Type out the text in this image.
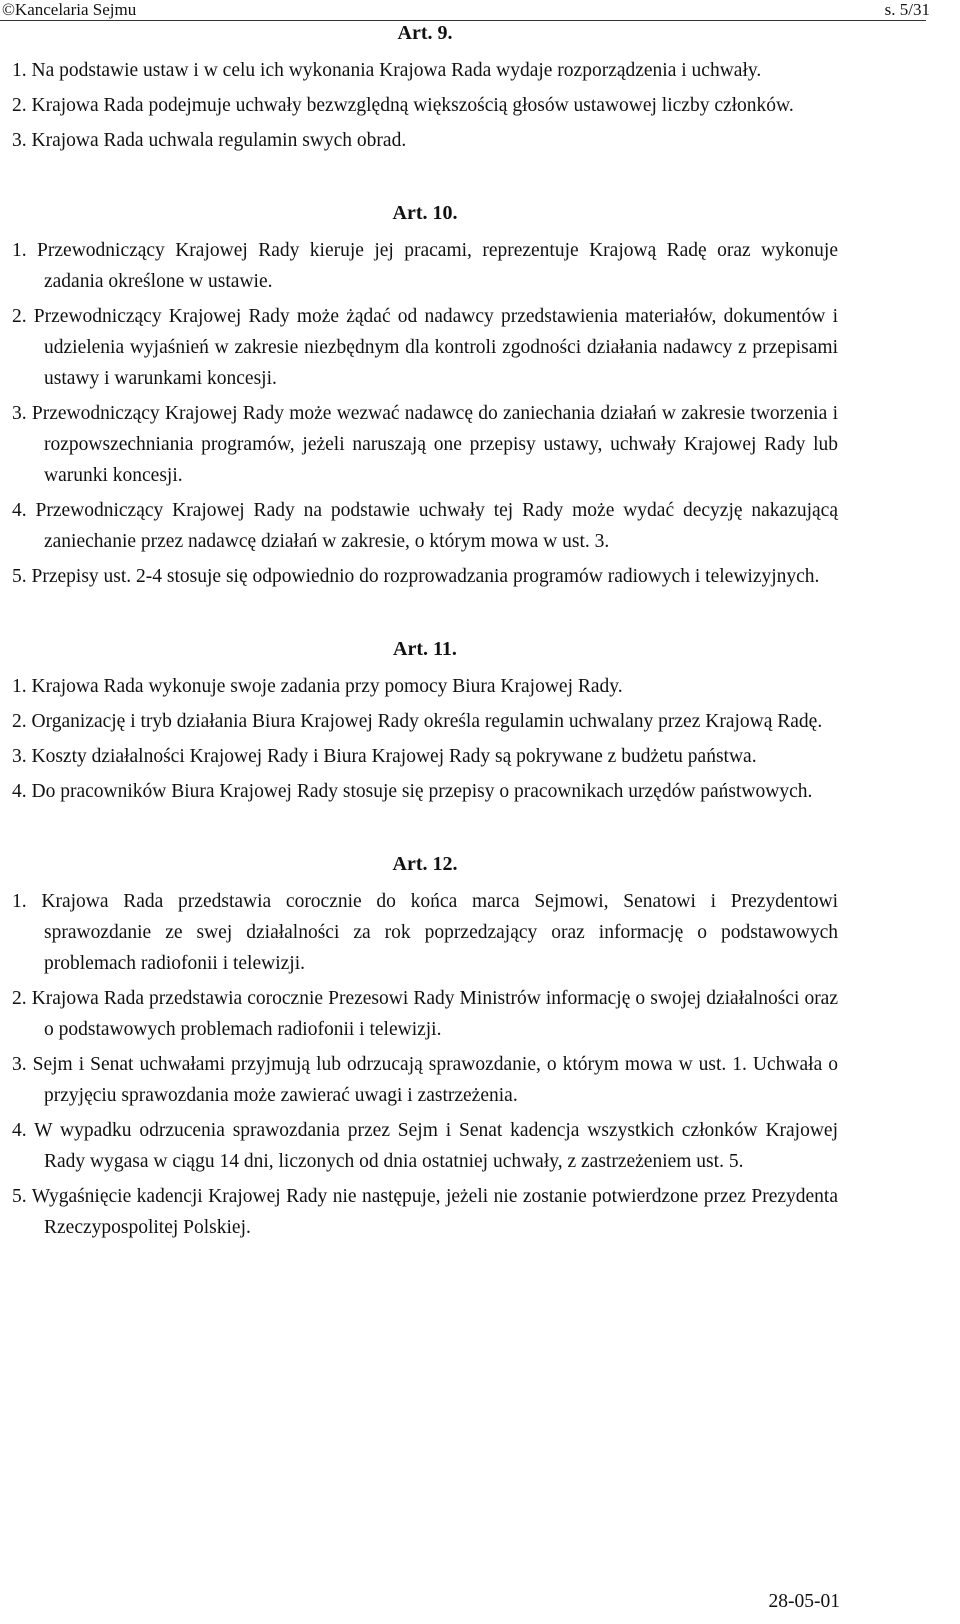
©Kancelaria Sejmu	s. 5/31
Art. 9.

1. Na podstawie ustaw i w celu ich wykonania Krajowa Rada wydaje rozporządzenia i uchwały.

2. Krajowa Rada podejmuje uchwały bezwzględną większością głosów ustawowej liczby członków.

3. Krajowa Rada uchwala regulamin swych obrad.

Art. 10.

1. Przewodniczący Krajowej Rady kieruje jej pracami, reprezentuje Krajową Radę oraz wykonuje zadania określone w ustawie.

2. Przewodniczący Krajowej Rady może żądać od nadawcy przedstawienia materiałów, dokumentów i udzielenia wyjaśnień w zakresie niezbędnym dla kontroli zgodności działania nadawcy z przepisami ustawy i warunkami koncesji.

3. Przewodniczący Krajowej Rady może wezwać nadawcę do zaniechania działań w zakresie tworzenia i rozpowszechniania programów, jeżeli naruszają one przepisy ustawy, uchwały Krajowej Rady lub warunki koncesji.

4. Przewodniczący Krajowej Rady na podstawie uchwały tej Rady może wydać decyzję nakazującą zaniechanie przez nadawcę działań w zakresie, o którym mowa w ust. 3.

5. Przepisy ust. 2-4 stosuje się odpowiednio do rozprowadzania programów radiowych i telewizyjnych.

Art. 11.

1. Krajowa Rada wykonuje swoje zadania przy pomocy Biura Krajowej Rady.

2. Organizację i tryb działania Biura Krajowej Rady określa regulamin uchwalany przez Krajową Radę.

3. Koszty działalności Krajowej Rady i Biura Krajowej Rady są pokrywane z budżetu państwa.

4. Do pracowników Biura Krajowej Rady stosuje się przepisy o pracownikach urzędów państwowych.

Art. 12.

1. Krajowa Rada przedstawia corocznie do końca marca Sejmowi, Senatowi i Prezydentowi sprawozdanie ze swej działalności za rok poprzedzający oraz informację o podstawowych problemach radiofonii i telewizji.

2. Krajowa Rada przedstawia corocznie Prezesowi Rady Ministrów informację o swojej działalności oraz o podstawowych problemach radiofonii i telewizji.

3. Sejm i Senat uchwałami przyjmują lub odrzucają sprawozdanie, o którym mowa w ust. 1. Uchwała o przyjęciu sprawozdania może zawierać uwagi i zastrzeżenia.

4. W wypadku odrzucenia sprawozdania przez Sejm i Senat kadencja wszystkich członków Krajowej Rady wygasa w ciągu 14 dni, liczonych od dnia ostatniej uchwały, z zastrzeżeniem ust. 5.

5. Wygaśnięcie kadencji Krajowej Rady nie następuje, jeżeli nie zostanie potwierdzone przez Prezydenta Rzeczypospolitej Polskiej.

28-05-01
